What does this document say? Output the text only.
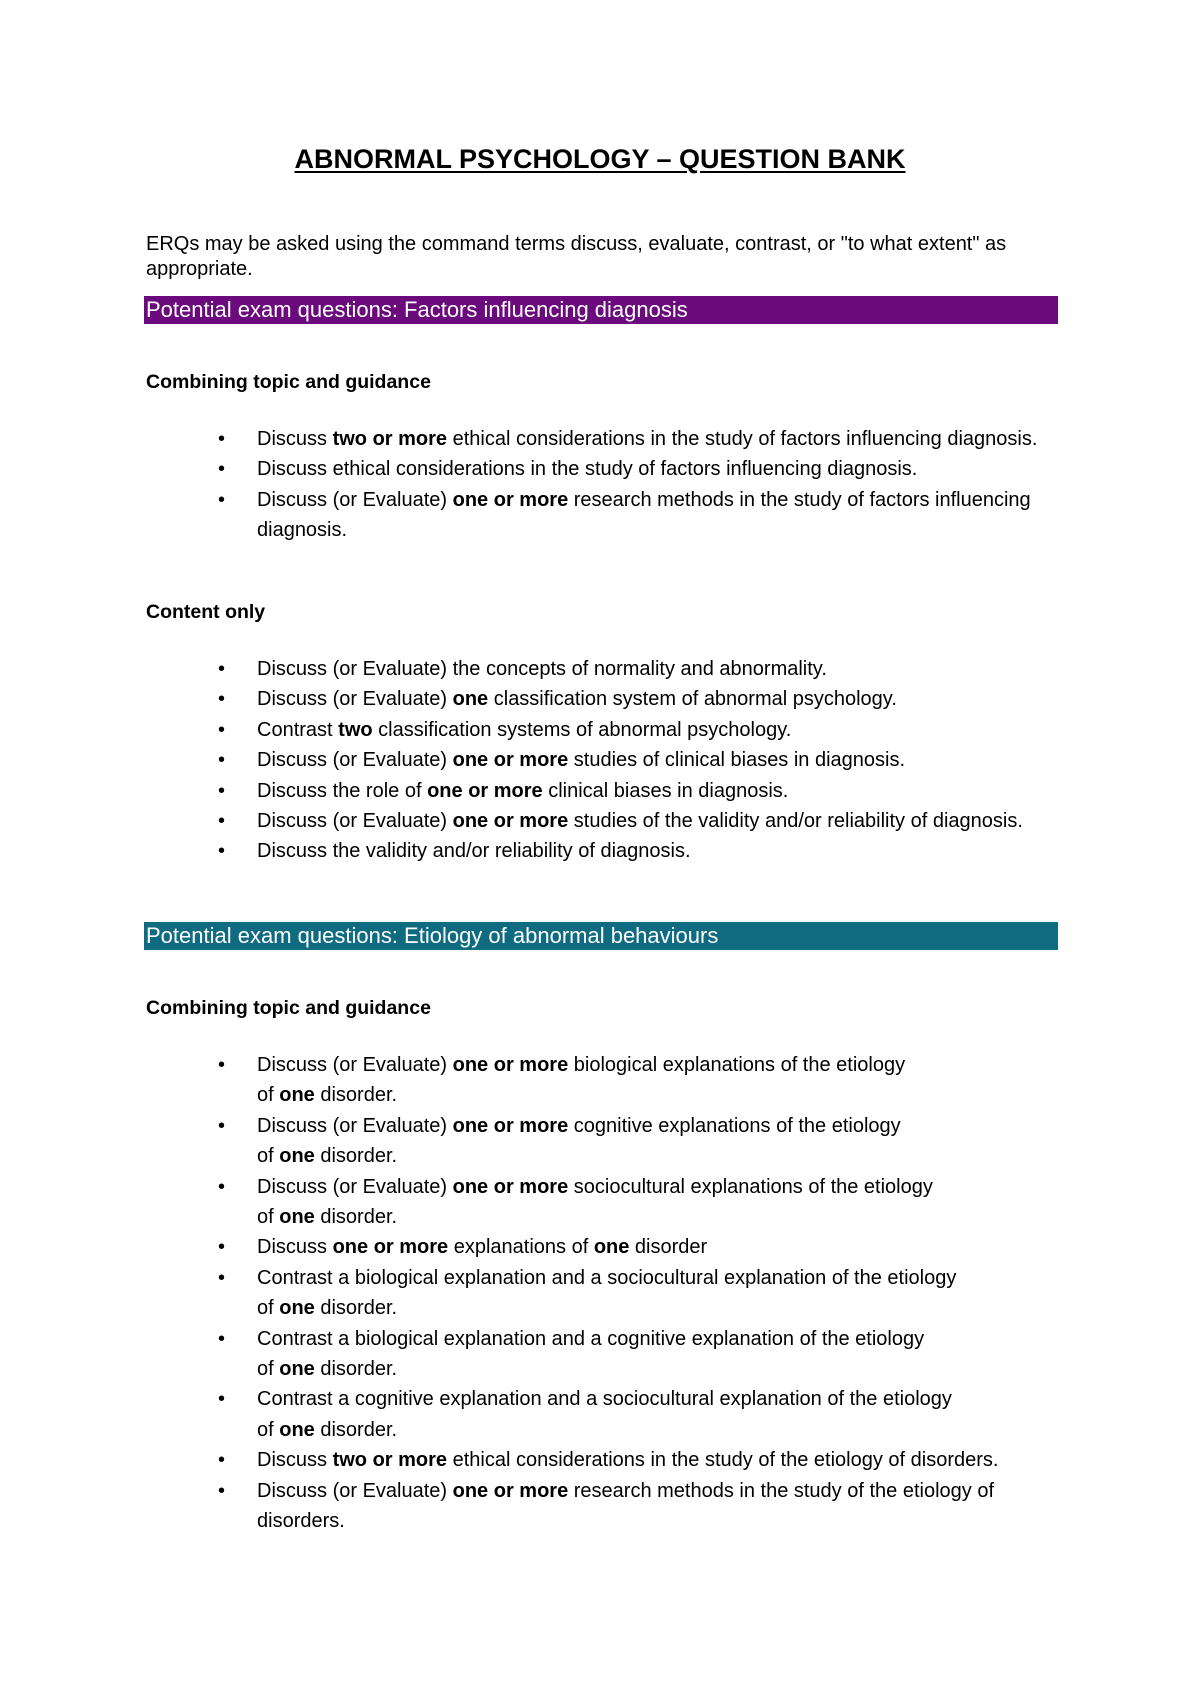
ABNORMAL PSYCHOLOGY – QUESTION BANK
ERQs may be asked using the command terms discuss, evaluate, contrast, or "to what extent" as appropriate.
Potential exam questions: Factors influencing diagnosis
Combining topic and guidance
• Discuss two or more ethical considerations in the study of factors influencing diagnosis.
• Discuss ethical considerations in the study of factors influencing diagnosis.
• Discuss (or Evaluate) one or more research methods in the study of factors influencing diagnosis.
Content only
• Discuss (or Evaluate) the concepts of normality and abnormality.
• Discuss (or Evaluate) one classification system of abnormal psychology.
• Contrast two classification systems of abnormal psychology.
• Discuss (or Evaluate) one or more studies of clinical biases in diagnosis.
• Discuss the role of one or more clinical biases in diagnosis.
• Discuss (or Evaluate) one or more studies of the validity and/or reliability of diagnosis.
• Discuss the validity and/or reliability of diagnosis.
Potential exam questions: Etiology of abnormal behaviours
Combining topic and guidance
• Discuss (or Evaluate) one or more biological explanations of the etiology
of one disorder.
• Discuss (or Evaluate) one or more cognitive explanations of the etiology
of one disorder.
• Discuss (or Evaluate) one or more sociocultural explanations of the etiology
of one disorder.
• Discuss one or more explanations of one disorder
• Contrast a biological explanation and a sociocultural explanation of the etiology
of one disorder.
• Contrast a biological explanation and a cognitive explanation of the etiology
of one disorder.
• Contrast a cognitive explanation and a sociocultural explanation of the etiology
of one disorder.
• Discuss two or more ethical considerations in the study of the etiology of disorders.
• Discuss (or Evaluate) one or more research methods in the study of the etiology of disorders.
